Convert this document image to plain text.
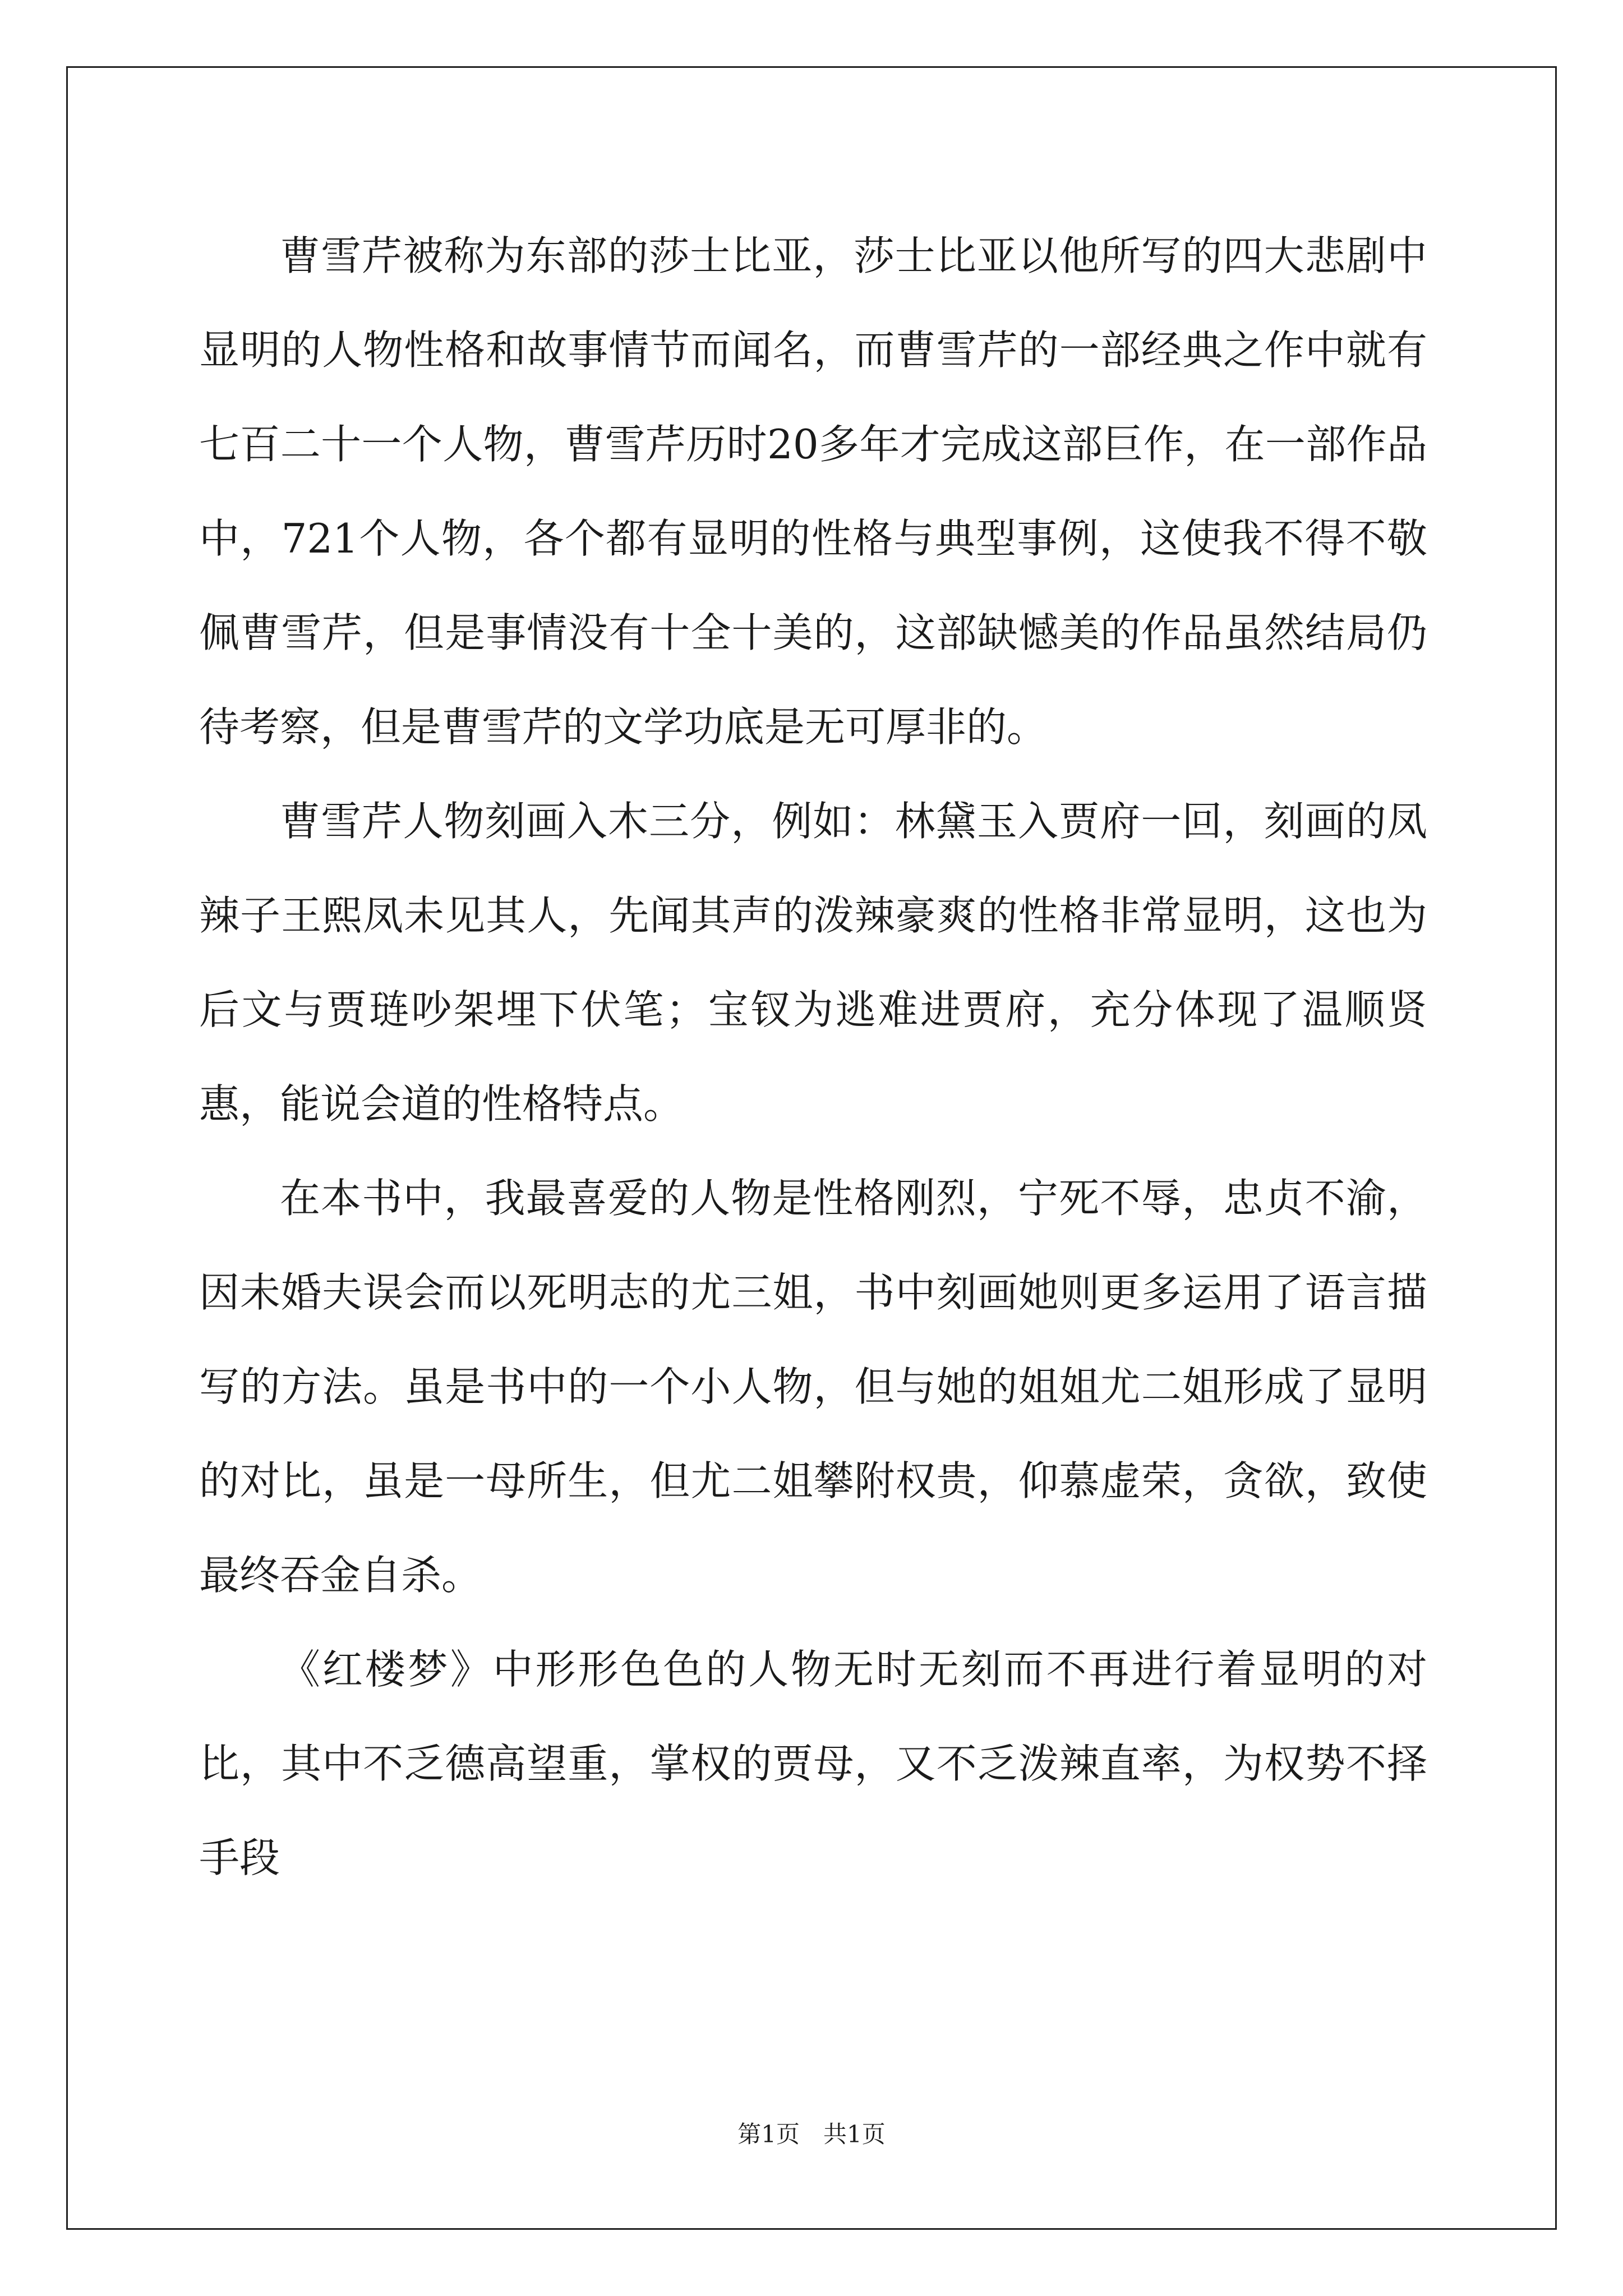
曹雪芹被称为东部的莎士比亚，莎士比亚以他所写的四大悲剧中显明的人物性格和故事情节而闻名，而曹雪芹的一部经典之作中就有七百二十一个人物，曹雪芹历时20多年才完成这部巨作，在一部作品中，721个人物，各个都有显明的性格与典型事例，这使我不得不敬佩曹雪芹，但是事情没有十全十美的，这部缺憾美的作品虽然结局仍待考察，但是曹雪芹的文学功底是无可厚非的。

曹雪芹人物刻画入木三分，例如：林黛玉入贾府一回，刻画的凤辣子王熙凤未见其人，先闻其声的泼辣豪爽的性格非常显明，这也为后文与贾琏吵架埋下伏笔；宝钗为逃难进贾府，充分体现了温顺贤惠，能说会道的性格特点。

在本书中，我最喜爱的人物是性格刚烈，宁死不辱，忠贞不渝，因未婚夫误会而以死明志的尤三姐，书中刻画她则更多运用了语言描写的方法。虽是书中的一个小人物，但与她的姐姐尤二姐形成了显明的对比，虽是一母所生，但尤二姐攀附权贵，仰慕虚荣，贪欲，致使最终吞金自杀。

《红楼梦》中形形色色的人物无时无刻而不再进行着显明的对比，其中不乏德高望重，掌权的贾母，又不乏泼辣直率，为权势不择手段

第1页　共1页
